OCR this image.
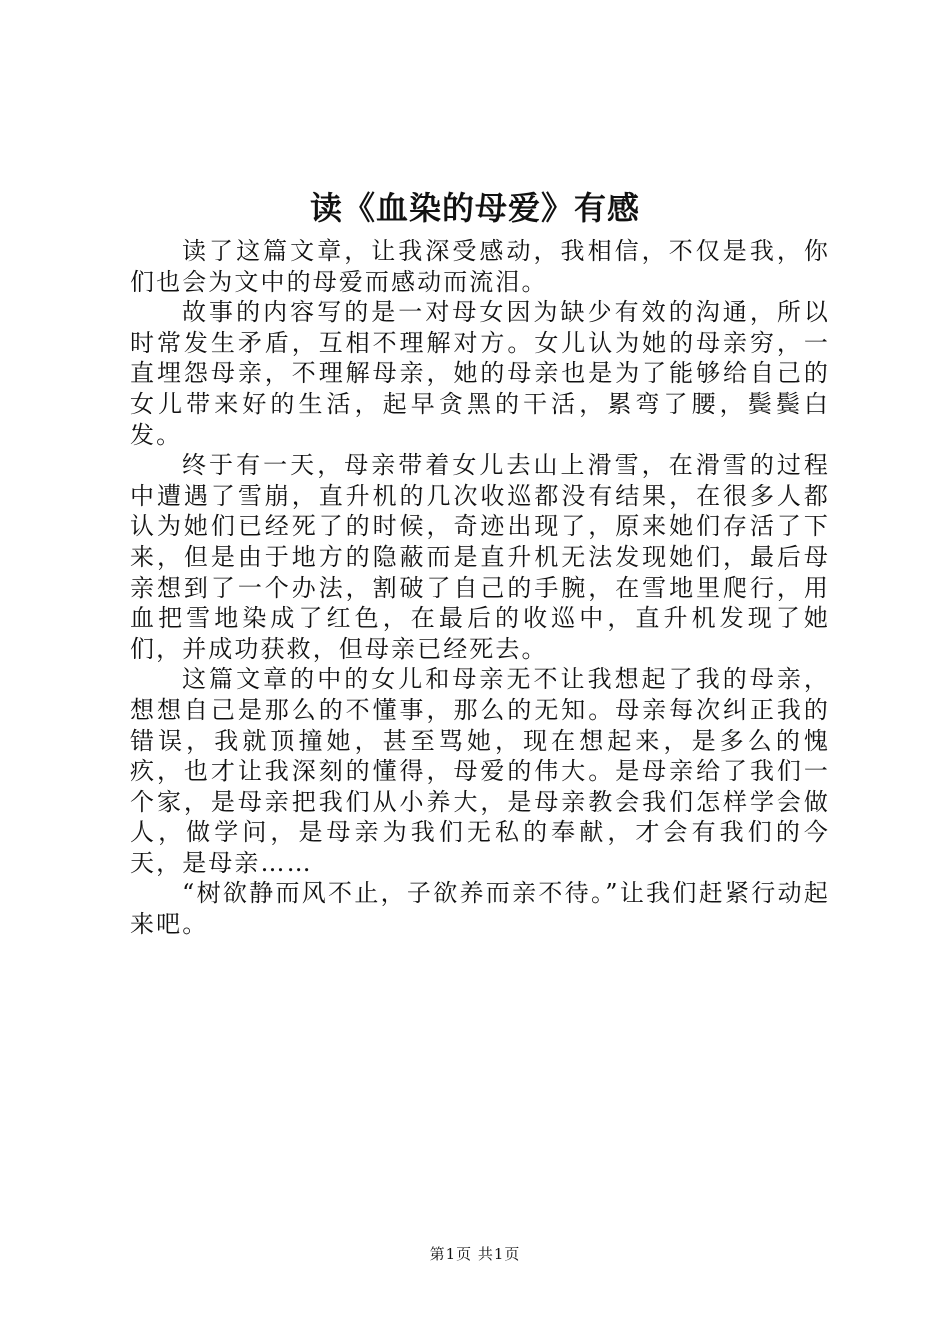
读《血染的母爱》有感

读了这篇文章，让我深受感动，我相信，不仅是我，你们也会为文中的母爱而感动而流泪。

故事的内容写的是一对母女因为缺少有效的沟通，所以时常发生矛盾，互相不理解对方。女儿认为她的母亲穷，一直埋怨母亲，不理解母亲，她的母亲也是为了能够给自己的女儿带来好的生活，起早贪黑的干活，累弯了腰，鬓鬓白发。

终于有一天，母亲带着女儿去山上滑雪，在滑雪的过程中遭遇了雪崩，直升机的几次收巡都没有结果，在很多人都认为她们已经死了的时候，奇迹出现了，原来她们存活了下来，但是由于地方的隐蔽而是直升机无法发现她们，最后母亲想到了一个办法，割破了自己的手腕，在雪地里爬行，用血把雪地染成了红色，在最后的收巡中，直升机发现了她们，并成功获救，但母亲已经死去。

这篇文章的中的女儿和母亲无不让我想起了我的母亲，想想自己是那么的不懂事，那么的无知。母亲每次纠正我的错误，我就顶撞她，甚至骂她，现在想起来，是多么的愧疚，也才让我深刻的懂得，母爱的伟大。是母亲给了我们一个家，是母亲把我们从小养大，是母亲教会我们怎样学会做人，做学问，是母亲为我们无私的奉献，才会有我们的今天，是母亲……

“树欲静而风不止，子欲养而亲不待。”让我们赶紧行动起来吧。

第1页 共1页
